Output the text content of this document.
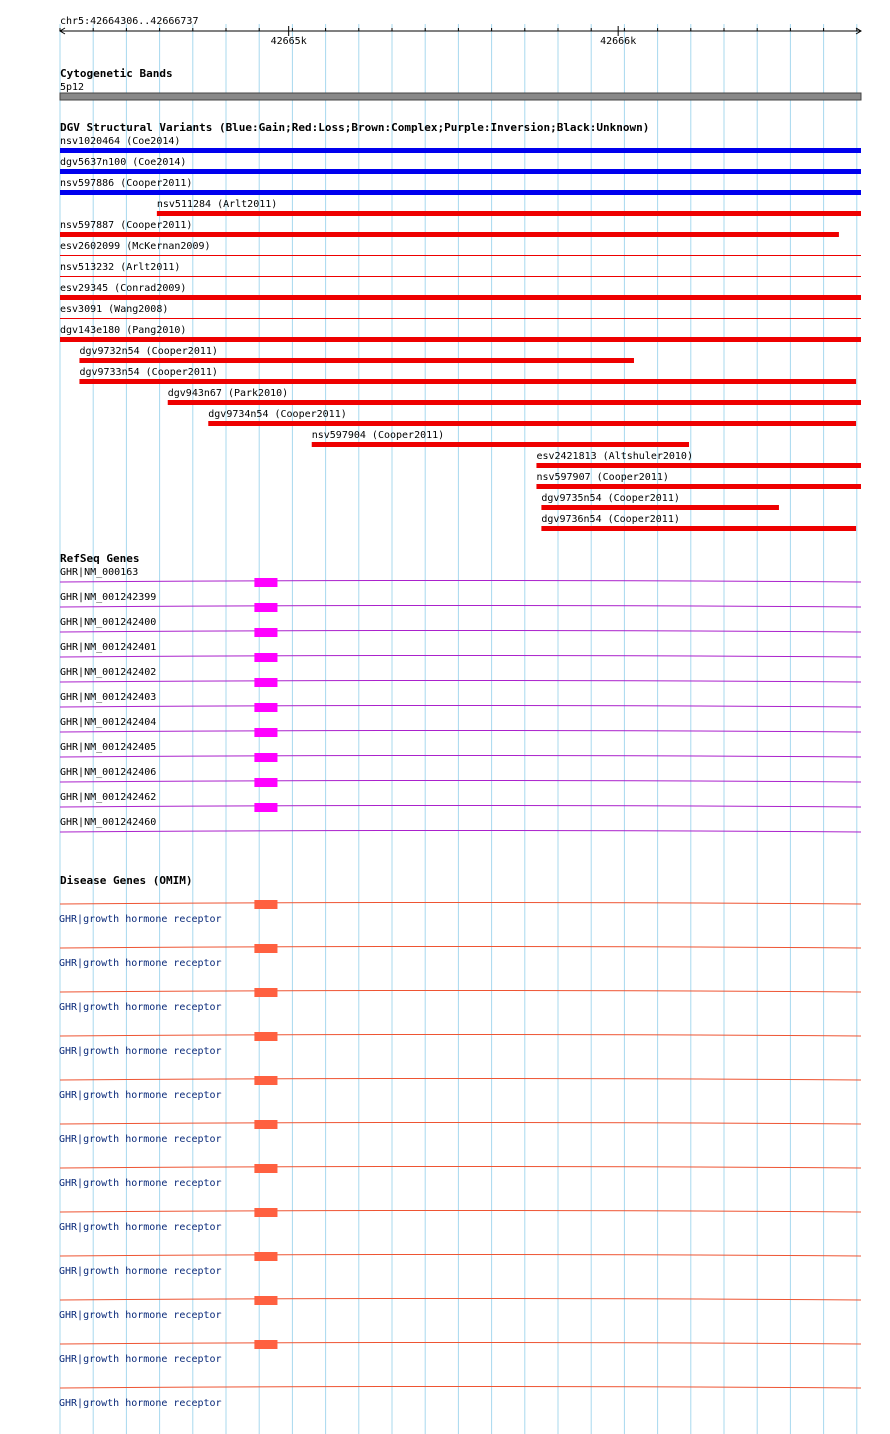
chr5:42664306..42666737
42665k	42666k
Cytogenetic Bands
5p12
DGV Structural Variants (Blue:Gain;Red:Loss;Brown:Complex;Purple:Inversion;Black:Unknown)
nsv1020464 (Coe2014)
dgv5637n100 (Coe2014)
nsv597886 (Cooper2011)
nsv511284 (Arlt2011)
nsv597887 (Cooper2011)
esv2602099 (McKernan2009)
nsv513232 (Arlt2011)
esv29345 (Conrad2009)
esv3091 (Wang2008)
dgv143e180 (Pang2010)
dgv9732n54 (Cooper2011)
dgv9733n54 (Cooper2011)
dgv943n67 (Park2010)
dgv9734n54 (Cooper2011)
nsv597904 (Cooper2011)
esv2421813 (Altshuler2010)
nsv597907 (Cooper2011)
dgv9735n54 (Cooper2011)
dgv9736n54 (Cooper2011)
RefSeq Genes
GHR|NM_000163
GHR|NM_001242399
GHR|NM_001242400
GHR|NM_001242401
GHR|NM_001242402
GHR|NM_001242403
GHR|NM_001242404
GHR|NM_001242405
GHR|NM_001242406
GHR|NM_001242462
GHR|NM_001242460
Disease Genes (OMIM)
GHR|growth hormone receptor
GHR|growth hormone receptor
GHR|growth hormone receptor
GHR|growth hormone receptor
GHR|growth hormone receptor
GHR|growth hormone receptor
GHR|growth hormone receptor
GHR|growth hormone receptor
GHR|growth hormone receptor
GHR|growth hormone receptor
GHR|growth hormone receptor
GHR|growth hormone receptor
